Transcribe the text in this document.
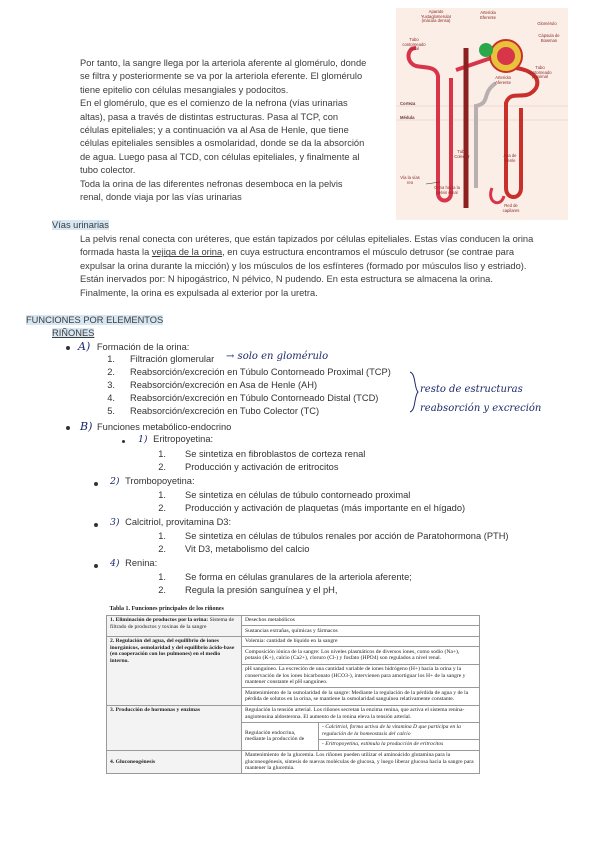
Por tanto, la sangre llega por la arteriola aferente al glomérulo, donde

se filtra y posteriormente se va por la arteriola eferente. El glomérulo

tiene epitelio con células mesangiales y podocitos.

En el glomérulo, que es el comienzo de la nefrona (vías urinarias

altas), pasa a través de distintas estructuras. Pasa al TCP, con

células epiteliales; y a continuación va al Asa de Henle, que tiene

células epiteliales sensibles a osmolaridad, donde se da la absorción

de agua. Luego pasa al TCD, con células epiteliales, y finalmente al

tubo colector.

Toda la orina de las diferentes nefronas desemboca en la pelvis

renal, donde viaja por las vías urinarias

Aparato Yuxtaglomerular (mácula densa)
Arteriola Eferente
Glomérulo
Cápsula de Bowman
Tubo contorneado distal
Tubo contorneado proximal
Arteriola Aferente
Corteza
Médula
Tubo Colector	Asa de Henle
Vía la vías reo
Orina hacia la pelvis renal
Red de capilares
Vías urinarias

La pelvis renal conecta con uréteres, que están tapizados por células epiteliales. Estas vías conducen la orina

formada hasta la vejiga de la orina, en cuya estructura encontramos el músculo detrusor (se contrae para

expulsar la orina durante la micción) y los músculos de los esfínteres (formado por músculos liso y estriado).

Están inervados por: N hipogástrico, N pélvico, N pudendo. En esta estructura se almacena la orina.

Finalmente, la orina es expulsada al exterior por la uretra.

FUNCIONES POR ELEMENTOS
RIÑONES
A) Formación de la orina:
1. Filtración glomerular
2. Reabsorción/excreción en Túbulo Contorneado Proximal (TCP)
3. Reabsorción/excreción en Asa de Henle (AH)
4. Reabsorción/excreción en Túbulo Contorneado Distal (TCD)
5. Reabsorción/excreción en Tubo Colector (TC)
→ solo en glomérulo
resto de estructuras
reabsorción y excreción
B) Funciones metabólico-endocrino
1) Eritropoyetina:
1. Se sintetiza en fibroblastos de corteza renal
2. Producción y activación de eritrocitos
2) Trombopoyetina:
1. Se sintetiza en células de túbulo contorneado proximal
2. Producción y activación de plaquetas (más importante en el hígado)
3) Calcitriol, provitamina D3:
1. Se sintetiza en células de túbulos renales por acción de Paratohormona (PTH)
2. Vit D3, metabolismo del calcio
4) Renina:
1. Se forma en células granulares de la arteriola aferente;
2. Regula la presión sanguínea y el pH,
Tabla 1. Funciones principales de los riñones		
1. Eliminación de productos por la orina: Sistema de filtrado de productos y toxinas de la sangre	Desechos metabólicos	
	Sustancias extrañas, químicas y fármacos	
2. Regulación del agua, del equilibrio de iones inorgánicos, osmolaridad y del equilibrio ácido-base (en cooperación con los pulmones) en el medio interno.	Volemia: cantidad de líquido en la sangre	
	Composición iónica de la sangre: Los niveles plasmáticos de diversos iones, como sodio (Na+), potasio (K+), calcio (Ca2+), cloruro (Cl-) y fosfato (HPO4) son regulados a nivel renal.	
	pH sanguíneo. La excreción de una cantidad variable de iones hidrógeno (H+) hacia la orina y la conservación de los iones bicarbonato (HCO3-), intervienen para amortiguar los H+ de la sangre y mantener constante el pH sanguíneo.	
	Mantenimiento de la osmolaridad de la sangre: Mediante la regulación de la pérdida de agua y de la pérdida de solutos en la orina, se mantiene la osmolaridad sanguínea relativamente constante.	
3. Producción de hormonas y enzimas	Regulación la tensión arterial. Los riñones secretan la enzima renina, que activa el sistema renina-angiotensina aldosterona. El aumento de la renina eleva la tensión arterial.	
	Regulación endocrina, mediante la producción de	- Calcitriol, forma activa de la vitamina D que participa en la regulación de la homeostasis del calcio
		- Eritropoyetina, estimula la producción de eritrocitos
4. Gluconeogénesis	Mantenimiento de la glucemia. Los riñones pueden utilizar el aminoácido glutamina para la gluconeogénesis, síntesis de nuevas moléculas de glucosa, y luego liberar glucosa hacia la sangre para mantener la glucemia.	
